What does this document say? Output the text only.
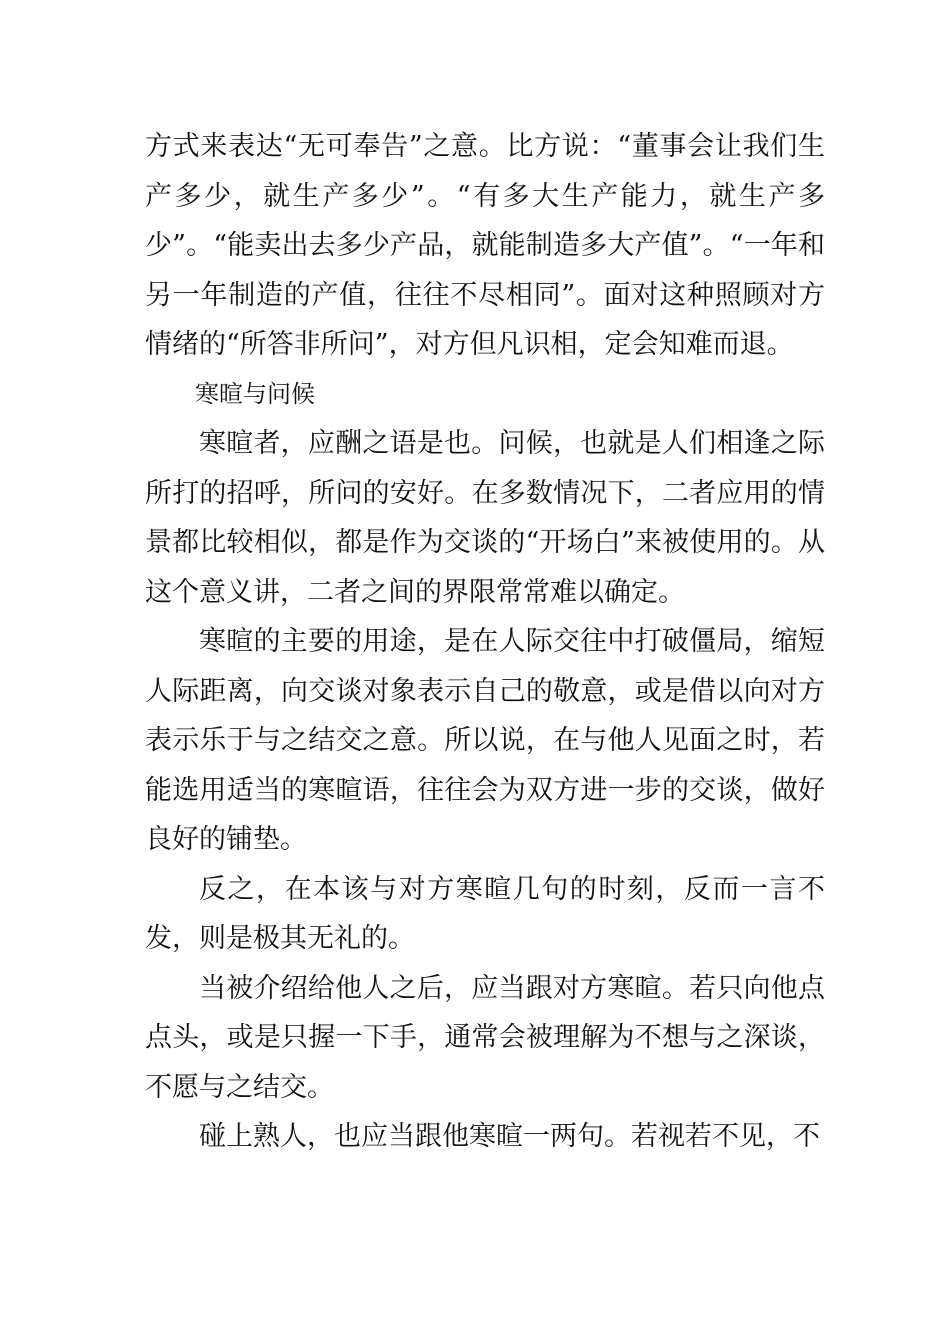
方式来表达“无可奉告”之意。比方说：“董事会让我们生产多少，就生产多少”。“有多大生产能力，就生产多少”。“能卖出去多少产品，就能制造多大产值”。“一年和另一年制造的产值，往往不尽相同”。面对这种照顾对方情绪的“所答非所问”，对方但凡识相，定会知难而退。

寒暄与问候

寒暄者，应酬之语是也。问候，也就是人们相逢之际所打的招呼，所问的安好。在多数情况下，二者应用的情景都比较相似，都是作为交谈的“开场白”来被使用的。从这个意义讲，二者之间的界限常常难以确定。

寒暄的主要的用途，是在人际交往中打破僵局，缩短人际距离，向交谈对象表示自己的敬意，或是借以向对方表示乐于与之结交之意。所以说，在与他人见面之时，若能选用适当的寒暄语，往往会为双方进一步的交谈，做好良好的铺垫。

反之，在本该与对方寒暄几句的时刻，反而一言不发，则是极其无礼的。

当被介绍给他人之后，应当跟对方寒暄。若只向他点点头，或是只握一下手，通常会被理解为不想与之深谈，不愿与之结交。

碰上熟人，也应当跟他寒暄一两句。若视若不见，不
